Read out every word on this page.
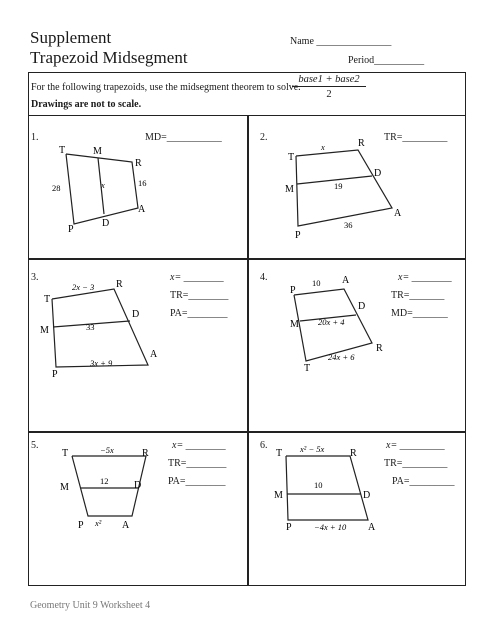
Supplement
Trapezoid Midsegment
Name _______________
Period__________
For the following trapezoids, use the midsegment theorem to solve.
base1 + base2
2
Drawings are not to scale.
1.	MD=___________
T	M
R
P
D
A
28	x	16
2.	TR=_________
T
R
M
D
P
A
x
19
36
3.	x= ________
TR=________
PA=________
T
R
M
D
P
A
2x − 3
33
3x + 9
4.	x= ________
TR=_______
MD=_______
P
A
M
D
T
R
10
20x + 4
24x + 6
5.	x= ________
TR=________
PA=________
T	R
M	D
P	A
−5x
12
x²
6.	x= _________
TR=_________
PA=_________
T	R
M	D
P	A
x² − 5x
10
−4x + 10
Geometry Unit 9 Worksheet 4
